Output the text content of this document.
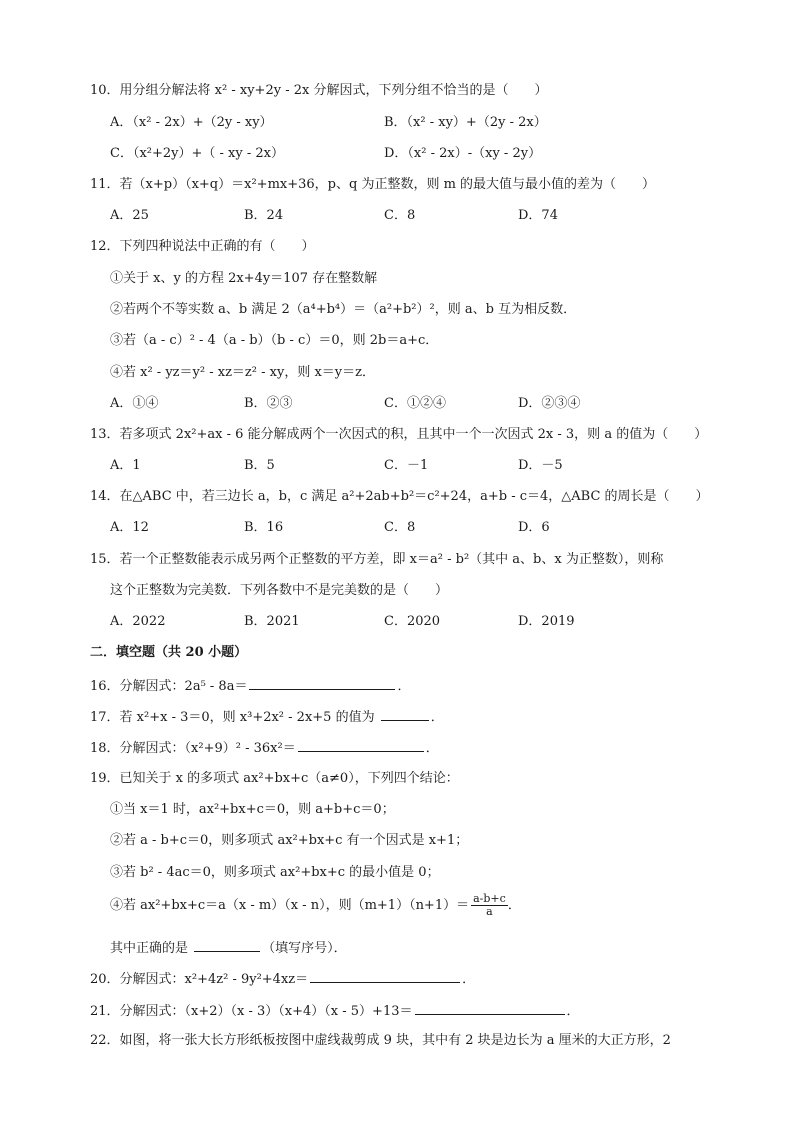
10．用分组分解法将 x² - xy+2y - 2x 分解因式，下列分组不恰当的是（　　）
A．（x² - 2x）+（2y - xy）	B．（x² - xy）+（2y - 2x）
C．（x²+2y）+（ - xy - 2x）	D．（x² - 2x）-（xy - 2y）
11．若（x+p）（x+q）＝x²+mx+36，p、q 为正整数，则 m 的最大值与最小值的差为（　　）
A．25	B．24	C．8	D．74
12．下列四种说法中正确的有（　　）
①关于 x、y 的方程 2x+4y＝107 存在整数解
②若两个不等实数 a、b 满足 2（a⁴+b⁴）＝（a²+b²）²，则 a、b 互为相反数．
③若（a - c）² - 4（a - b）（b - c）＝0，则 2b＝a+c．
④若 x² - yz＝y² - xz＝z² - xy，则 x＝y＝z．
A．①④	B．②③	C．①②④	D．②③④
13．若多项式 2x²+ax - 6 能分解成两个一次因式的积，且其中一个一次因式 2x - 3，则 a 的值为（　　）
A．1	B．5	C．－1	D．－5
14．在△ABC 中，若三边长 a，b，c 满足 a²+2ab+b²＝c²+24，a+b - c＝4，△ABC 的周长是（　　）
A．12	B．16	C．8	D．6
15．若一个正整数能表示成另两个正整数的平方差，即 x＝a² - b²（其中 a、b、x 为正整数），则称
这个正整数为完美数．下列各数中不是完美数的是（　　）
A．2022	B．2021	C．2020	D．2019
二．填空题（共 20 小题）
16．分解因式：2a⁵ - 8a＝	．
17．若 x²+x - 3＝0，则 x³+2x² - 2x+5 的值为	．
18．分解因式：（x²+9）² - 36x²＝	．
19．已知关于 x 的多项式 ax²+bx+c（a≠0），下列四个结论：
①当 x＝1 时，ax²+bx+c＝0，则 a+b+c＝0；
②若 a - b+c＝0，则多项式 ax²+bx+c 有一个因式是 x+1；
③若 b² - 4ac＝0，则多项式 ax²+bx+c 的最小值是 0；
④若 ax²+bx+c＝a（x - m）（x - n），则$(m+1)(n+1)= \frac{a-b+c}{a}$ ．
其中正确的是	（填写序号）．
20．分解因式：x²+4z² - 9y²+4xz＝	．
21．分解因式：（x+2）（x - 3）（x+4）（x - 5）+13＝	．
22．如图，将一张大长方形纸板按图中虚线裁剪成 9 块，其中有 2 块是边长为 a 厘米的大正方形，2
